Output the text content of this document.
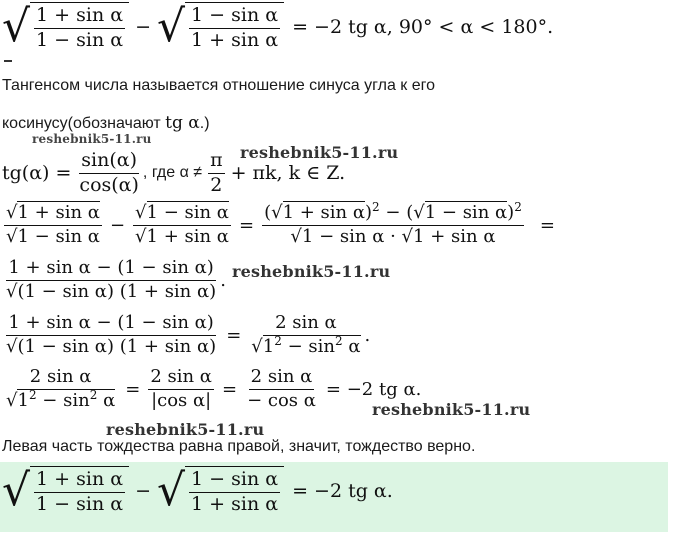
√ $\frac{\text{1 + sin α}}{\text{1 − sin α}}$ − √ $\frac{\text{1 − sin α}}{\text{1 + sin α}} = -2$ tg α, 90° < α < 180°.
Тангенсом числа называется отношение синуса угла к его
косинусу(обозначают tg α.)
reshebnik5-11.ru
reshebnik5-11.ru
$tg(\alpha) = \frac{\sin(\alpha)}{\cos(\alpha)}$ , где $\alpha \ne \frac{\pi}{2} + \pi k$, k ∈ Z.
$\frac{\text{√1 + sin α}}{\text{√1 − sin α}} - \frac{\text{√1 − sin α}}{\text{√1 + sin α}} = \frac{(√1 + \sin \alpha)^2 - (√1 - \sin \alpha)^2}{\text{√1 − sin α · √1 + sin α}}$ =
$\frac{\text{1 + sin α − (1 − sin α)}}{\text{√(1 − sin α) (1 + sin α)}}$ . reshebnik5-11.ru
$\frac{\text{1 + sin α − (1 − sin α)}}{\text{√(1 − sin α) (1 + sin α)}} = \frac{\text{2 sin α}}{√1^2 - \sin^2 \alpha}$ .
$\frac{\text{2 sin α}}{√1^2 - \sin^2 \alpha} = \frac{\text{2 sin α}}{\text{|cos α|}} = \frac{\text{2 sin α}}{\text{− cos α}} = -2$ tg α.
reshebnik5-11.ru
reshebnik5-11.ru
Левая часть тождества равна правой, значит, тождество верно.
√ $\frac{\text{1 + sin α}}{\text{1 − sin α}}$ − √ $\frac{\text{1 − sin α}}{\text{1 + sin α}} = -2$ tg α.
